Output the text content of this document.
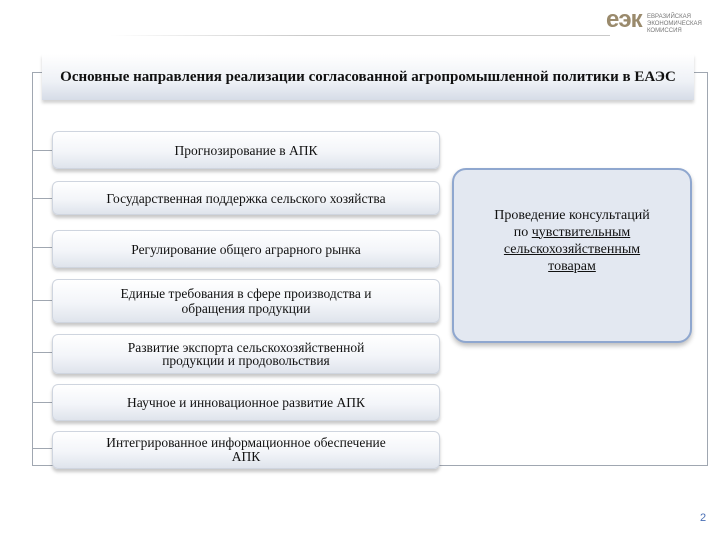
еэк ЕВРАЗИЙСКАЯ ЭКОНОМИЧЕСКАЯ КОМИССИЯ
Основные направления реализации согласованной агропромышленной политики в ЕАЭС
Прогнозирование в АПК
Государственная поддержка сельского хозяйства
Регулирование общего аграрного рынка
Единые требования в сфере производства и обращения продукции
Развитие экспорта сельскохозяйственной продукции и продовольствия
Научное и инновационное развитие АПК
Интегрированное информационное обеспечение АПК
Проведение консультаций
по чувствительным
сельскохозяйственным
товарам
2
